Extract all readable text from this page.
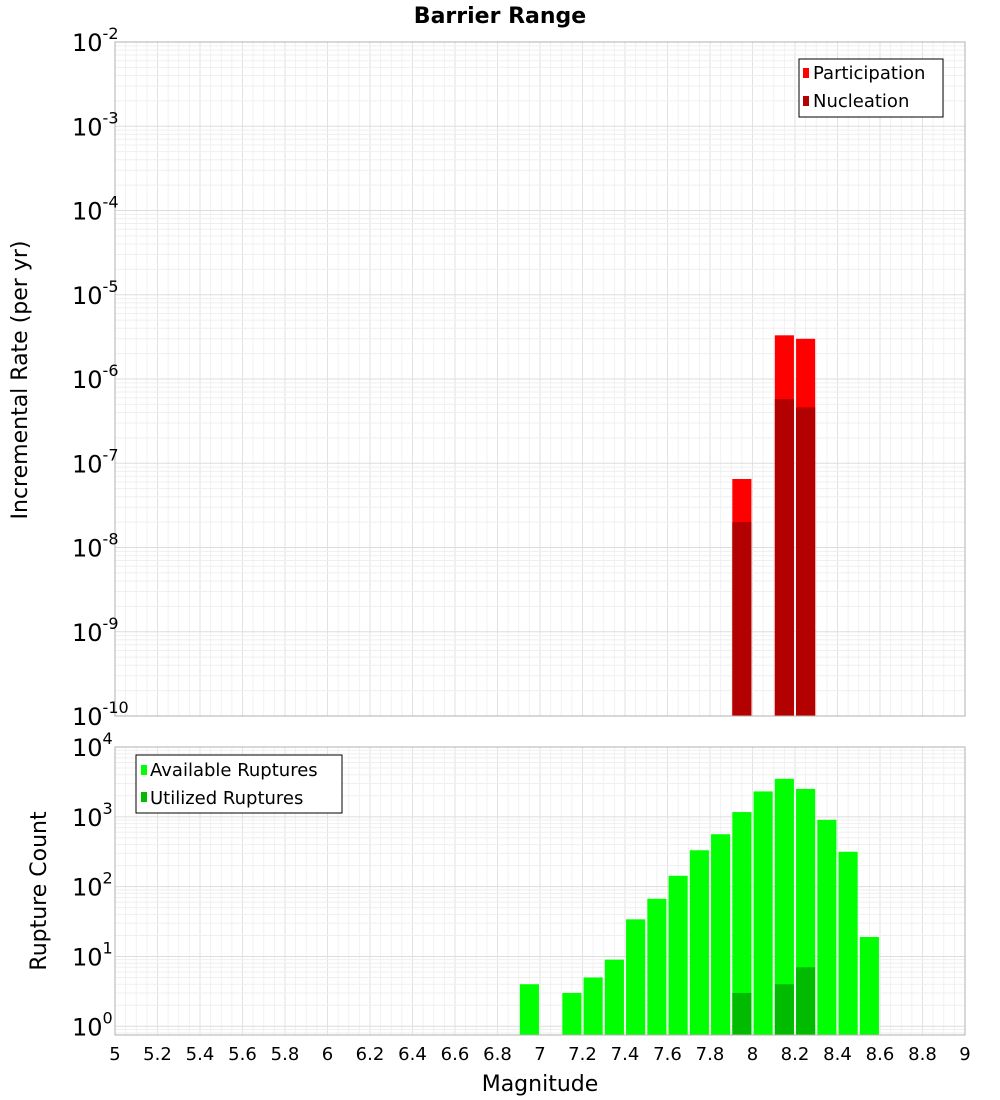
$10^{-10}$
$10^{-9}$
$10^{-8}$
$10^{-7}$
$10^{-6}$
$10^{-5}$
$10^{-4}$
$10^{-3}$
$10^{-2}$
$10^0$
$10^1$
$10^2$
$10^3$
$10^4$
5 5.2 5.4 5.6 5.8 6 6.2 6.4 6.6 6.8 7 7.2 7.4 7.6 7.8 8 8.2 8.4 8.6 8.8 9
Barrier Range
Incremental Rate (per yr)
Rupture Count
Magnitude
Participation
Nucleation
Available Ruptures
Utilized Ruptures
